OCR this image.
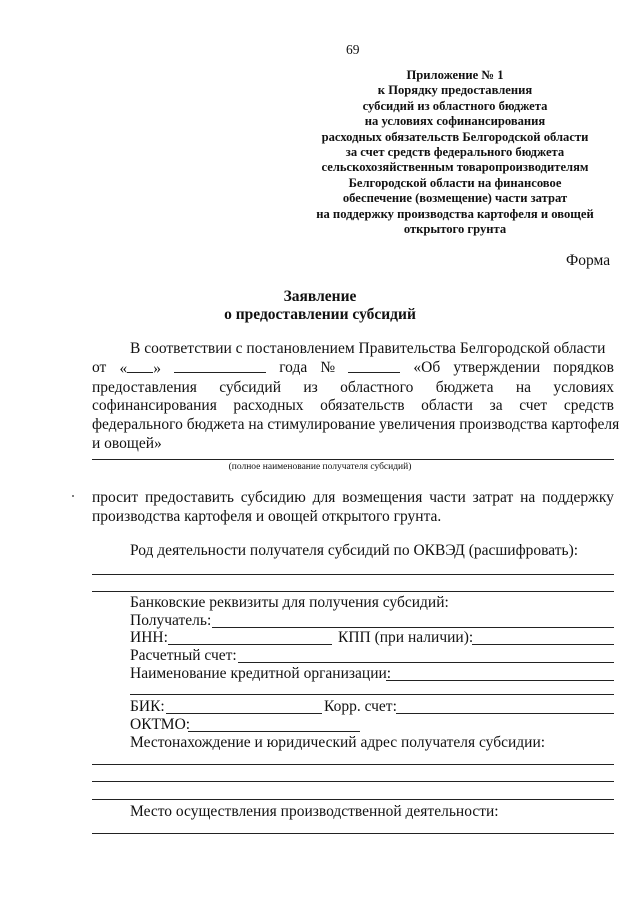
69
Приложение № 1
к Порядку предоставления
субсидий из областного бюджета
на условиях софинансирования
расходных обязательств Белгородской области
за счет средств федерального бюджета
сельскохозяйственным товаропроизводителям
Белгородской области на финансовое
обеспечение (возмещение) части затрат
на поддержку производства картофеля и овощей
открытого грунта
Форма
Заявление
о предоставлении субсидий
В соответствии с постановлением Правительства Белгородской области
от « »	года №	«Об утверждении порядков
предоставления субсидий из областного бюджета на условиях
софинансирования расходных обязательств области за счет средств
федерального бюджета на стимулирование увеличения производства картофеля
и овощей»
(полное наименование получателя субсидий)
просит предоставить субсидию для возмещения части затрат на поддержку
производства картофеля и овощей открытого грунта.
Род деятельности получателя субсидий по ОКВЭД (расшифровать):
Банковские реквизиты для получения субсидий:
Получатель:
ИНН:	КПП (при наличии):
Расчетный счет:
Наименование кредитной организации:
БИК:	Корр. счет:
ОКТМО:
Местонахождение и юридический адрес получателя субсидии:
Место осуществления производственной деятельности:
